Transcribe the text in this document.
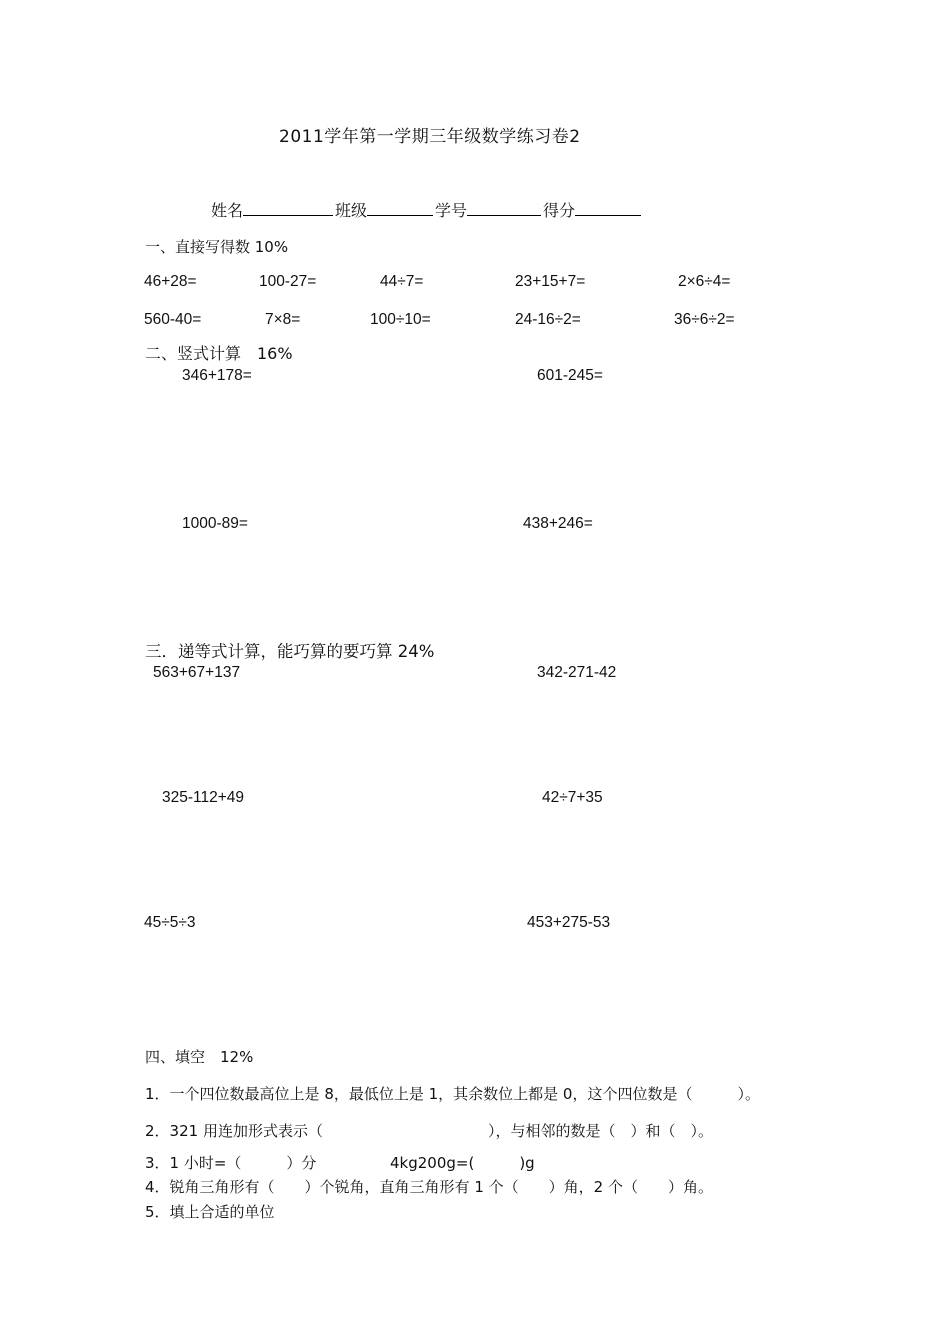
2011学年第一学期三年级数学练习卷2
姓名	班级	学号	得分
一、直接写得数 10%
46+28=	100-27=	44÷7=	23+15+7=	2×6÷4=
560-40=	7×8=	100÷10=	24-16÷2=	36÷6÷2=
二、竖式计算　16%
346+178=	601-245=
1000-89=	438+246=
三．递等式计算，能巧算的要巧算 24%
563+67+137	342-271-42
325-112+49	42÷7+35
45÷5÷3	453+275-53
四、填空　12%
1．一个四位数最高位上是 8，最低位上是 1，其余数位上都是 0，这个四位数是（　　　）。
2．321 用连加形式表示（　　　　　　　　　　　），与相邻的数是（　）和（　）。
3．1 小时=（　　　）分	4kg200g=(　　　)g
4．锐角三角形有（　　）个锐角，直角三角形有 1 个（　　）角，2 个（　　）角。
5．填上合适的单位
